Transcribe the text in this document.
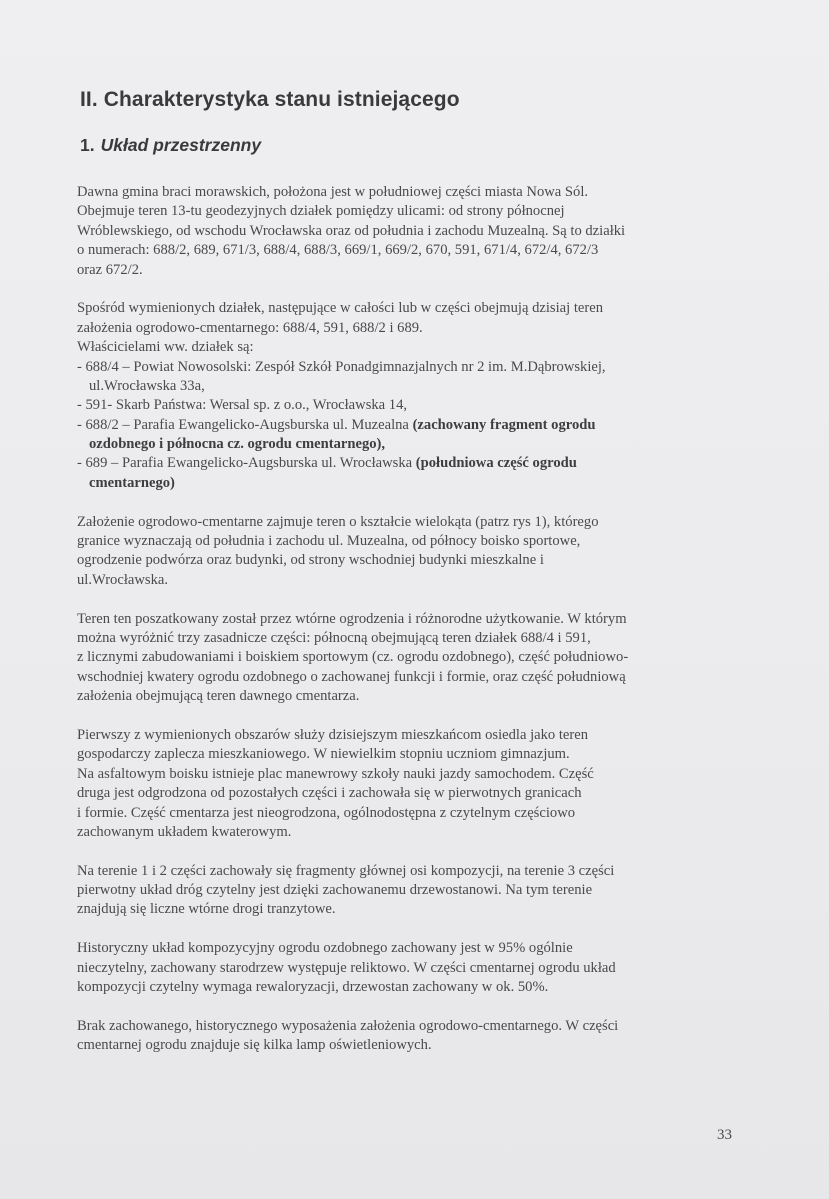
II. Charakterystyka stanu istniejącego
1. Układ przestrzenny
Dawna gmina braci morawskich, położona jest w południowej części miasta Nowa Sól.
Obejmuje teren 13-tu geodezyjnych działek pomiędzy ulicami: od strony północnej
Wróblewskiego, od wschodu Wrocławska oraz od południa i zachodu Muzealną. Są to działki
o numerach: 688/2, 689, 671/3, 688/4, 688/3, 669/1, 669/2, 670, 591, 671/4, 672/4, 672/3
oraz 672/2.
Spośród wymienionych działek, następujące w całości lub w części obejmują dzisiaj teren
założenia ogrodowo-cmentarnego: 688/4, 591, 688/2 i 689.
Właścicielami ww. działek są:
- 688/4 – Powiat Nowosolski: Zespół Szkół Ponadgimnazjalnych nr 2 im. M.Dąbrowskiej,
ul.Wrocławska 33a,
- 591- Skarb Państwa: Wersal sp. z o.o., Wrocławska 14,
- 688/2 – Parafia Ewangelicko-Augsburska ul. Muzealna (zachowany fragment ogrodu
ozdobnego i północna cz. ogrodu cmentarnego),
- 689 – Parafia Ewangelicko-Augsburska ul. Wrocławska (południowa część ogrodu
cmentarnego)
Założenie ogrodowo-cmentarne zajmuje teren o kształcie wielokąta (patrz rys 1), którego
granice wyznaczają od południa i zachodu ul. Muzealna, od północy boisko sportowe,
ogrodzenie podwórza oraz budynki, od strony wschodniej budynki mieszkalne i
ul.Wrocławska.
Teren ten poszatkowany został przez wtórne ogrodzenia i różnorodne użytkowanie. W którym
można wyróżnić trzy zasadnicze części: północną obejmującą teren działek 688/4 i 591,
z licznymi zabudowaniami i boiskiem sportowym (cz. ogrodu ozdobnego), część południowo-
wschodniej kwatery ogrodu ozdobnego o zachowanej funkcji i formie, oraz część południową
założenia obejmującą teren dawnego cmentarza.
Pierwszy z wymienionych obszarów służy dzisiejszym mieszkańcom osiedla jako teren
gospodarczy zaplecza mieszkaniowego. W niewielkim stopniu uczniom gimnazjum.
Na asfaltowym boisku istnieje plac manewrowy szkoły nauki jazdy samochodem. Część
druga jest odgrodzona od pozostałych części i zachowała się w pierwotnych granicach
i formie. Część cmentarza jest nieogrodzona, ogólnodostępna z czytelnym częściowo
zachowanym układem kwaterowym.
Na terenie 1 i 2 części zachowały się fragmenty głównej osi kompozycji, na terenie 3 części
pierwotny układ dróg czytelny jest dzięki zachowanemu drzewostanowi. Na tym terenie
znajdują się liczne wtórne drogi tranzytowe.
Historyczny układ kompozycyjny ogrodu ozdobnego zachowany jest w 95% ogólnie
nieczytelny, zachowany starodrzew występuje reliktowo. W części cmentarnej ogrodu układ
kompozycji czytelny wymaga rewaloryzacji, drzewostan zachowany w ok. 50%.
Brak zachowanego, historycznego wyposażenia założenia ogrodowo-cmentarnego. W części
cmentarnej ogrodu znajduje się kilka lamp oświetleniowych.
33
